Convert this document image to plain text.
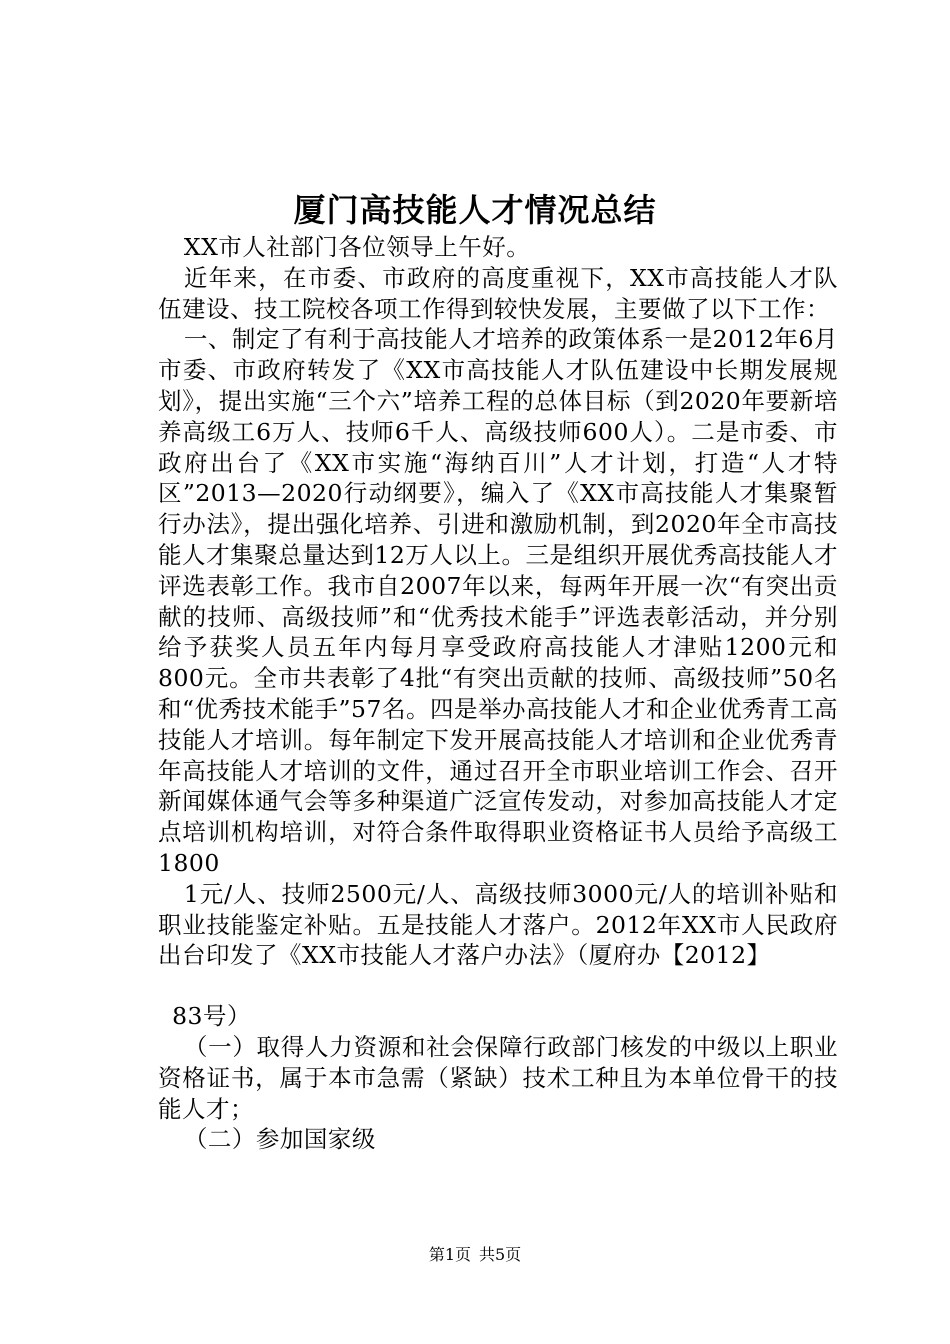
厦门高技能人才情况总结

XX市人社部门各位领导上午好。

近年来，在市委、市政府的高度重视下，XX市高技能人才队伍建设、技工院校各项工作得到较快发展，主要做了以下工作：

一、制定了有利于高技能人才培养的政策体系一是2012年6月市委、市政府转发了《XX市高技能人才队伍建设中长期发展规划》，提出实施“三个六”培养工程的总体目标（到2020年要新培养高级工6万人、技师6千人、高级技师600人）。二是市委、市政府出台了《XX市实施“海纳百川”人才计划，打造“人才特区”2013—2020行动纲要》，编入了《XX市高技能人才集聚暂行办法》，提出强化培养、引进和激励机制，到2020年全市高技能人才集聚总量达到12万人以上。三是组织开展优秀高技能人才评选表彰工作。我市自2007年以来，每两年开展一次“有突出贡献的技师、高级技师”和“优秀技术能手”评选表彰活动，并分别给予获奖人员五年内每月享受政府高技能人才津贴1200元和800元。全市共表彰了4批“有突出贡献的技师、高级技师”50名和“优秀技术能手”57名。四是举办高技能人才和企业优秀青工高技能人才培训。每年制定下发开展高技能人才培训和企业优秀青年高技能人才培训的文件，通过召开全市职业培训工作会、召开新闻媒体通气会等多种渠道广泛宣传发动，对参加高技能人才定点培训机构培训，对符合条件取得职业资格证书人员给予高级工1800

1元/人、技师2500元/人、高级技师3000元/人的培训补贴和职业技能鉴定补贴。五是技能人才落户。2012年XX市人民政府出台印发了《XX市技能人才落户办法》（厦府办【2012】

83号）

（一）取得人力资源和社会保障行政部门核发的中级以上职业资格证书，属于本市急需（紧缺）技术工种且为本单位骨干的技能人才；

（二）参加国家级

第1页 共5页
